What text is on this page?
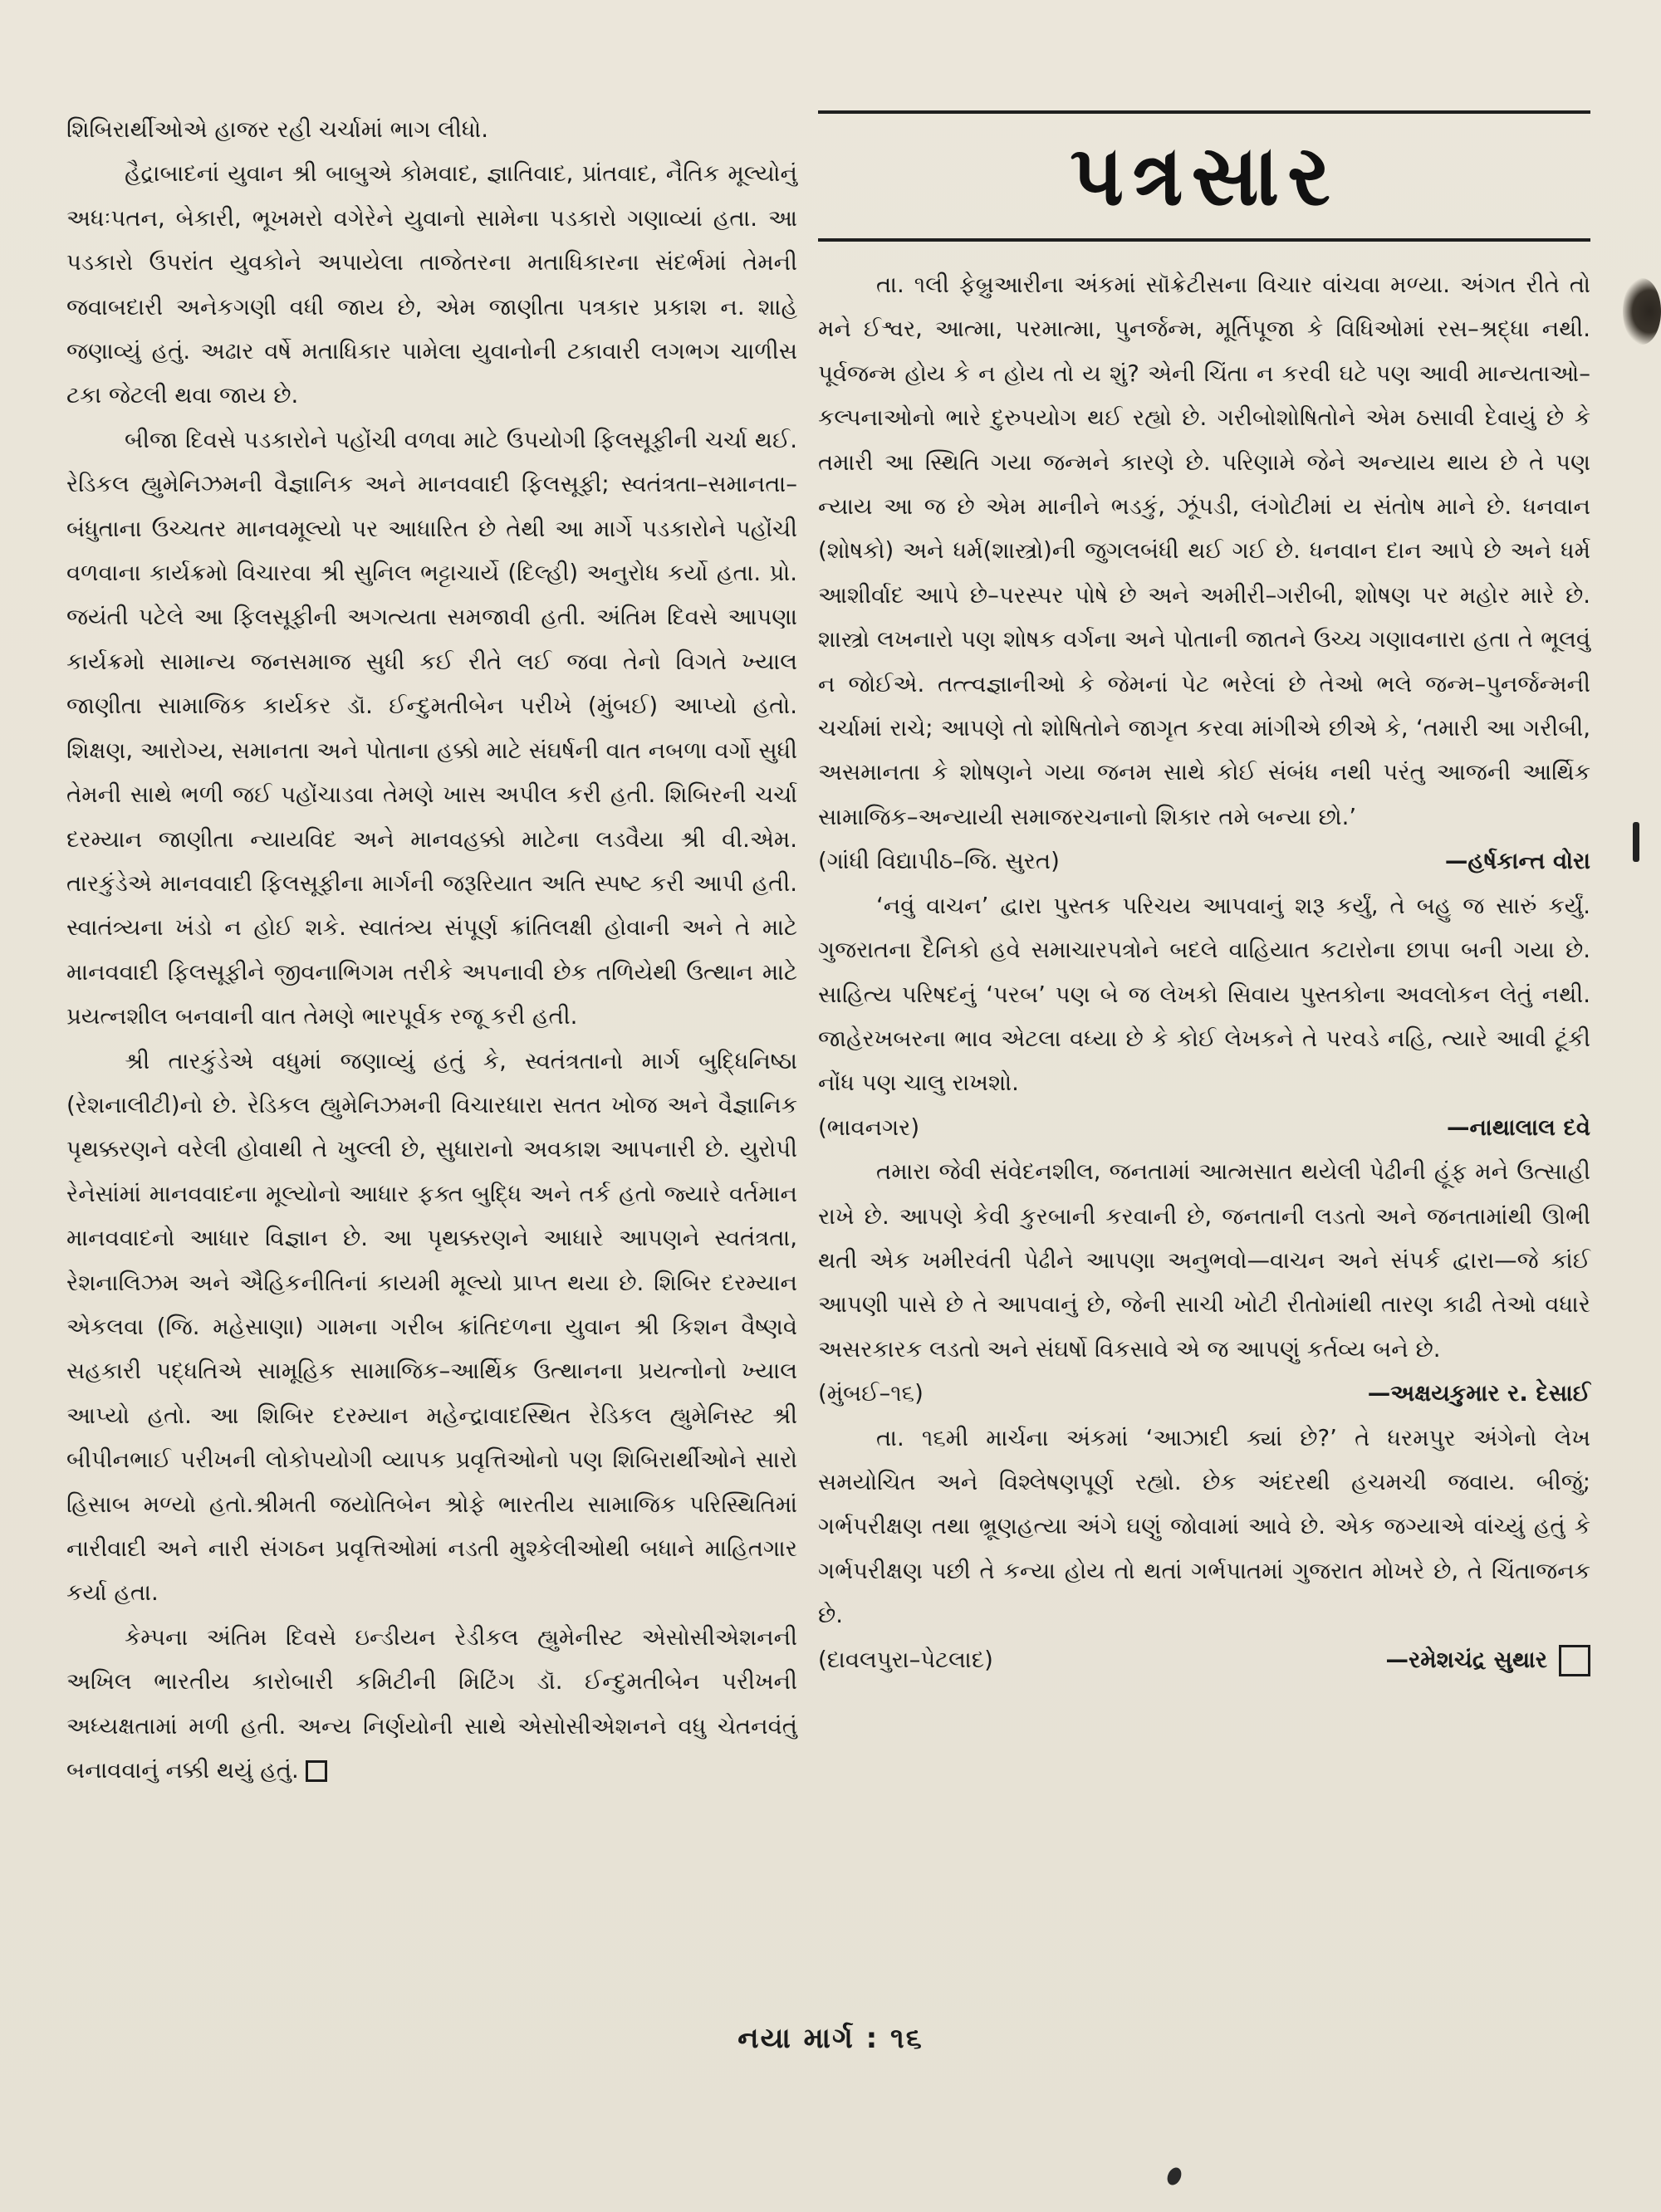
શિબિરાર્થીઓએ હાજર રહી ચર્ચામાં ભાગ લીધો.

હૈદ્રાબાદનાં યુવાન શ્રી બાબુએ કોમવાદ, જ્ઞાતિવાદ, પ્રાંતવાદ, નૈતિક મૂલ્યોનું અધઃપતન, બેકારી, ભૂખમરો વગેરેને યુવાનો સામેના પડકારો ગણાવ્યાં હતા. આ પડકારો ઉપરાંત યુવકોને અપાયેલા તાજેતરના મતાધિકારના સંદર્ભમાં તેમની જવાબદારી અનેકગણી વધી જાય છે, એમ જાણીતા પત્રકાર પ્રકાશ ન. શાહે જણાવ્યું હતું. અઢાર વર્ષે મતાધિકાર પામેલા યુવાનોની ટકાવારી લગભગ ચાળીસ ટકા જેટલી થવા જાય છે.

બીજા દિવસે પડકારોને પહોંચી વળવા માટે ઉપયોગી ફિલસૂફીની ચર્ચા થઈ. રેડિકલ હ્યુમેનિઝમની વૈજ્ઞાનિક અને માનવવાદી ફિલસૂફી; સ્વતંત્રતા–સમાનતા–બંધુતાના ઉચ્ચતર માનવમૂલ્યો પર આધારિત છે તેથી આ માર્ગે પડકારોને પહોંચી વળવાના કાર્યક્રમો વિચારવા શ્રી સુનિલ ભટ્ટાચાર્યે (દિલ્હી) અનુરોધ કર્યો હતા. પ્રો. જયંતી પટેલે આ ફિલસૂફીની અગત્યતા સમજાવી હતી. અંતિમ દિવસે આપણા કાર્યક્રમો સામાન્ય જનસમાજ સુધી કઈ રીતે લઈ જવા તેનો વિગતે ખ્યાલ જાણીતા સામાજિક કાર્યકર ડૉ. ઈન્દુમતીબેન પરીખે (મુંબઈ) આપ્યો હતો. શિક્ષણ, આરોગ્ય, સમાનતા અને પોતાના હક્કો માટે સંઘર્ષની વાત નબળા વર્ગો સુધી તેમની સાથે ભળી જઈ પહોંચાડવા તેમણે ખાસ અપીલ કરી હતી. શિબિરની ચર્ચા દરમ્યાન જાણીતા ન્યાયવિદ અને માનવહક્કો માટેના લડવૈયા શ્રી વી.એમ. તારકુંડેએ માનવવાદી ફિલસૂફીના માર્ગની જરૂરિયાત અતિ સ્પષ્ટ કરી આપી હતી. સ્વાતંત્ર્યના ખંડો ન હોઈ શકે. સ્વાતંત્ર્ય સંપૂર્ણ ક્રાંતિલક્ષી હોવાની અને તે માટે માનવવાદી ફિલસૂફીને જીવનાભિગમ તરીકે અપનાવી છેક તળિયેથી ઉત્થાન માટે પ્રયત્નશીલ બનવાની વાત તેમણે ભારપૂર્વક રજૂ કરી હતી.

શ્રી તારકુંડેએ વધુમાં જણાવ્યું હતું કે, સ્વતંત્રતાનો માર્ગ બુદ્ધિનિષ્ઠા (રેશનાલીટી)નો છે. રેડિકલ હ્યુમેનિઝમની વિચારધારા સતત ખોજ અને વૈજ્ઞાનિક પૃથક્કરણને વરેલી હોવાથી તે ખુલ્લી છે, સુધારાનો અવકાશ આપનારી છે. યુરોપી રેનેસાંમાં માનવવાદના મૂલ્યોનો આધાર ફક્ત બુદ્ધિ અને તર્ક હતો જ્યારે વર્તમાન માનવવાદનો આધાર વિજ્ઞાન છે. આ પૃથક્કરણને આધારે આપણને સ્વતંત્રતા, રેશનાલિઝમ અને ઐહિકનીતિનાં કાયમી મૂલ્યો પ્રાપ્ત થયા છે. શિબિર દરમ્યાન એકલવા (જિ. મહેસાણા) ગામના ગરીબ ક્રાંતિદળના યુવાન શ્રી કિશન વૈષ્ણવે સહકારી પદ્ધતિએ સામૂહિક સામાજિક–આર્થિક ઉત્થાનના પ્રયત્નોનો ખ્યાલ આપ્યો હતો. આ શિબિર દરમ્યાન મહેન્દ્રાવાદસ્થિત રેડિકલ હ્યુમેનિસ્ટ શ્રી બીપીનભાઈ પરીખની લોકોપયોગી વ્યાપક પ્રવૃત્તિઓનો પણ શિબિરાર્થીઓને સારો હિસાબ મળ્યો હતો.શ્રીમતી જયોતિબેન શ્રોફે ભારતીય સામાજિક પરિસ્થિતિમાં નારીવાદી અને નારી સંગઠન પ્રવૃત્તિઓમાં નડતી મુશ્કેલીઓથી બધાને માહિતગાર કર્યા હતા.

કેમ્પના અંતિમ દિવસે ઇન્ડીયન રેડીકલ હ્યુમેનીસ્ટ એસોસીએશનની અખિલ ભારતીય કારોબારી કમિટીની મિટિંગ ડૉ. ઈન્દુમતીબેન પરીખની અધ્યક્ષતામાં મળી હતી. અન્ય નિર્ણયોની સાથે એસોસીએશનને વધુ ચેતનવંતું બનાવવાનું નક્કી થયું હતું.

પત્રસાર

તા. ૧લી ફેબ્રુઆરીના અંકમાં સૉક્રેટીસના વિચાર વાંચવા મળ્યા. અંગત રીતે તો મને ઈશ્વર, આત્મા, પરમાત્મા, પુનર્જન્મ, મૂર્તિપૂજા કે વિધિઓમાં રસ–શ્રદ્ધા નથી. પૂર્વજન્મ હોય કે ન હોય તો ય શું? એની ચિંતા ન કરવી ઘટે પણ આવી માન્યતાઓ–કલ્પનાઓનો ભારે દુરુપયોગ થઈ રહ્યો છે. ગરીબોશોષિતોને એમ ઠસાવી દેવાયું છે કે તમારી આ સ્થિતિ ગયા જન્મને કારણે છે. પરિણામે જેને અન્યાય થાય છે તે પણ ન્યાય આ જ છે એમ માનીને ભડકું, ઝૂંપડી, લંગોટીમાં ય સંતોષ માને છે. ધનવાન (શોષકો) અને ધર્મ(શાસ્ત્રો)ની જુગલબંધી થઈ ગઈ છે. ધનવાન દાન આપે છે અને ધર્મ આશીર્વાદ આપે છે–પરસ્પર પોષે છે અને અમીરી–ગરીબી, શોષણ પર મહોર મારે છે. શાસ્ત્રો લખનારો પણ શોષક વર્ગના અને પોતાની જાતને ઉચ્ચ ગણાવનારા હતા તે ભૂલવું ન જોઈએ. તત્ત્વજ્ઞાનીઓ કે જેમનાં પેટ ભરેલાં છે તેઓ ભલે જન્મ–પુનર્જન્મની ચર્ચામાં રાચે; આપણે તો શોષિતોને જાગૃત કરવા માંગીએ છીએ કે, ‘તમારી આ ગરીબી, અસમાનતા કે શોષણને ગયા જનમ સાથે કોઈ સંબંધ નથી પરંતુ આજની આર્થિક સામાજિક–અન્યાયી સમાજરચનાનો શિકાર તમે બન્યા છો.’

(ગાંધી વિદ્યાપીઠ–જિ. સુરત)	—હર્ષકાન્ત વોરા

‘નવું વાચન’ દ્વારા પુસ્તક પરિચય આપવાનું શરૂ કર્યું, તે બહુ જ સારું કર્યું. ગુજરાતના દૈનિકો હવે સમાચારપત્રોને બદલે વાહિયાત કટારોના છાપા બની ગયા છે. સાહિત્ય પરિષદનું ‘પરબ’ પણ બે જ લેખકો સિવાય પુસ્તકોના અવલોકન લેતું નથી. જાહેરખબરના ભાવ એટલા વધ્યા છે કે કોઈ લેખકને તે પરવડે નહિ, ત્યારે આવી ટૂંકી નોંધ પણ ચાલુ રાખશો.

(ભાવનગર)	—નાથાલાલ દવે

તમારા જેવી સંવેદનશીલ, જનતામાં આત્મસાત થયેલી પેઢીની હૂંફ મને ઉત્સાહી રાખે છે. આપણે કેવી કુરબાની કરવાની છે, જનતાની લડતો અને જનતામાંથી ઊભી થતી એક ખમીરવંતી પેઢીને આપણા અનુભવો—વાચન અને સંપર્ક દ્વારા—જે કાંઈ આપણી પાસે છે તે આપવાનું છે, જેની સાચી ખોટી રીતોમાંથી તારણ કાઢી તેઓ વધારે અસરકારક લડતો અને સંઘર્ષો વિકસાવે એ જ આપણું કર્તવ્ય બને છે.

(મુંબઈ–૧૬)	—અક્ષયકુમાર ર. દેસાઈ

તા. ૧૬મી માર્ચના અંકમાં ‘આઝાદી ક્યાં છે?’ તે ધરમપુર અંગેનો લેખ સમયોચિત અને વિશ્લેષણપૂર્ણ રહ્યો. છેક અંદરથી હચમચી જવાય. બીજું; ગર્ભપરીક્ષણ તથા ભ્રૂણહત્યા અંગે ઘણું જોવામાં આવે છે. એક જગ્યાએ વાંચ્યું હતું કે ગર્ભપરીક્ષણ પછી તે કન્યા હોય તો થતાં ગર્ભપાતમાં ગુજરાત મોખરે છે, તે ચિંતાજનક છે.

(દાવલપુરા–પેટલાદ)	—રમેશચંદ્ર સુથાર
નયા માર્ગ : ૧૬
